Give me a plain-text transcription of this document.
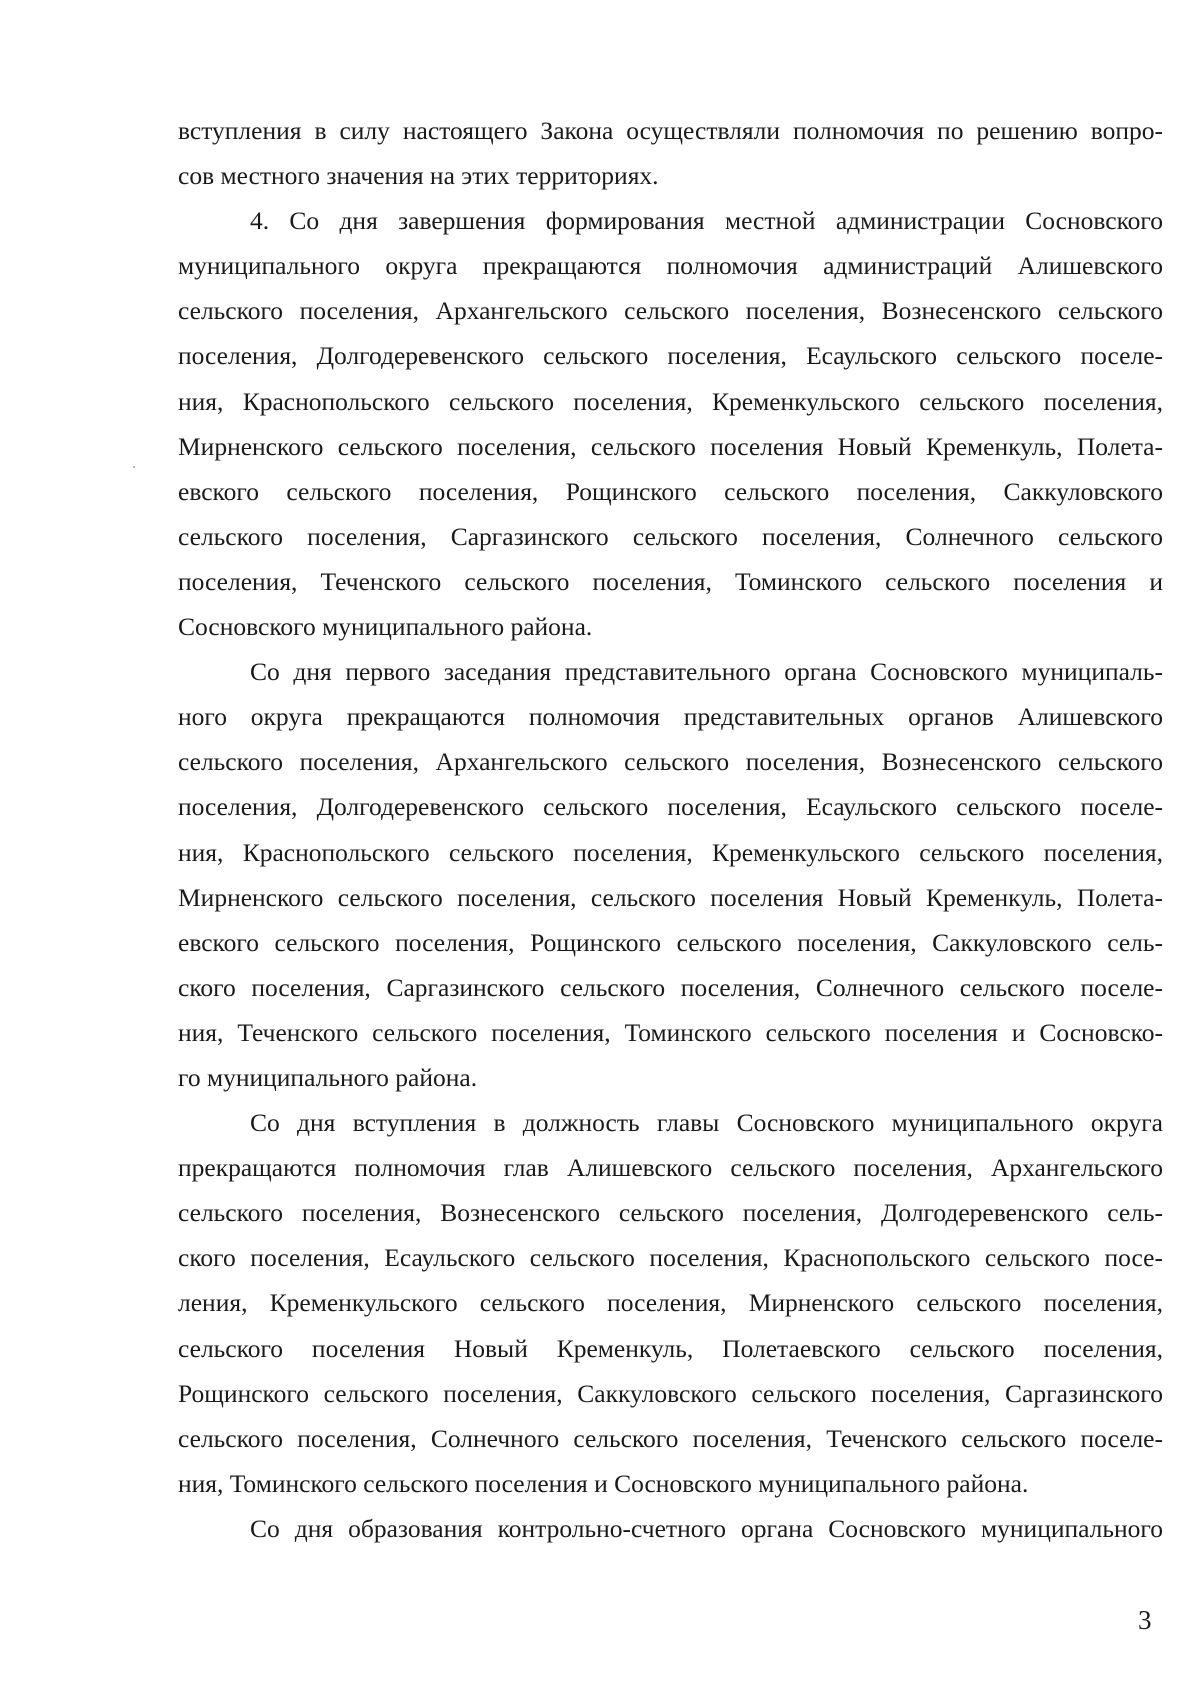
вступления в силу настоящего Закона осуществляли полномочия по решению вопро-
сов местного значения на этих территориях.
4. Со дня завершения формирования местной администрации Сосновского
муниципального округа прекращаются полномочия администраций Алишевского
сельского поселения, Архангельского сельского поселения, Вознесенского сельского
поселения, Долгодеревенского сельского поселения, Есаульского сельского поселе-
ния, Краснопольского сельского поселения, Кременкульского сельского поселения,
Мирненского сельского поселения, сельского поселения Новый Кременкуль, Полета-
евского сельского поселения, Рощинского сельского поселения, Саккуловского
сельского поселения, Саргазинского сельского поселения, Солнечного сельского
поселения, Теченского сельского поселения, Томинского сельского поселения и
Сосновского муниципального района.
Со дня первого заседания представительного органа Сосновского муниципаль-
ного округа прекращаются полномочия представительных органов Алишевского
сельского поселения, Архангельского сельского поселения, Вознесенского сельского
поселения, Долгодеревенского сельского поселения, Есаульского сельского поселе-
ния, Краснопольского сельского поселения, Кременкульского сельского поселения,
Мирненского сельского поселения, сельского поселения Новый Кременкуль, Полета-
евского сельского поселения, Рощинского сельского поселения, Саккуловского сель-
ского поселения, Саргазинского сельского поселения, Солнечного сельского поселе-
ния, Теченского сельского поселения, Томинского сельского поселения и Сосновско-
го муниципального района.
Со дня вступления в должность главы Сосновского муниципального округа
прекращаются полномочия глав Алишевского сельского поселения, Архангельского
сельского поселения, Вознесенского сельского поселения, Долгодеревенского сель-
ского поселения, Есаульского сельского поселения, Краснопольского сельского посе-
ления, Кременкульского сельского поселения, Мирненского сельского поселения,
сельского поселения Новый Кременкуль, Полетаевского сельского поселения,
Рощинского сельского поселения, Саккуловского сельского поселения, Саргазинского
сельского поселения, Солнечного сельского поселения, Теченского сельского поселе-
ния, Томинского сельского поселения и Сосновского муниципального района.
Со дня образования контрольно-счетного органа Сосновского муниципального
3
